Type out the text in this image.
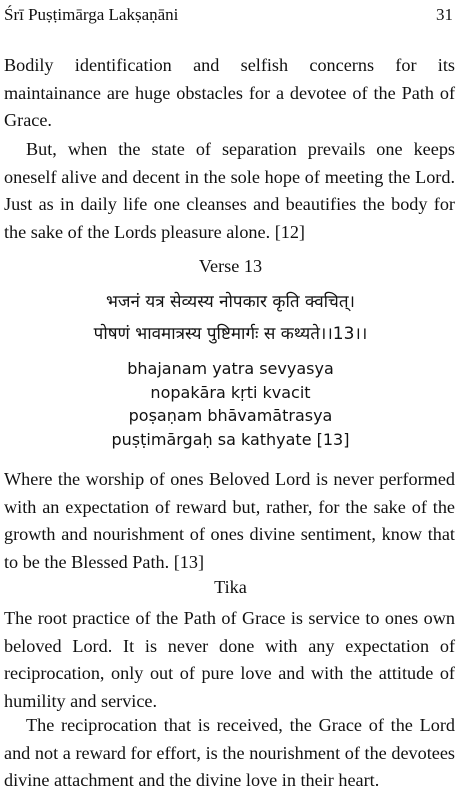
Śrī Puṣṭimārga Lakṣaṇāni	31

Bodily identification and selfish concerns for its maintainance are huge obstacles for a devotee of the Path of Grace.

But, when the state of separation prevails one keeps oneself alive and decent in the sole hope of meeting the Lord. Just as in daily life one cleanses and beautifies the body for the sake of the Lords pleasure alone. [12]

Verse 13

भजनं यत्र सेव्यस्य नोपकार कृति क्वचित्।
पोषणं भावमात्रस्य पुष्टिमार्गः स कथ्यते।।13।।
bhajanam yatra sevyasya
nopakāra kṛti kvacit
poṣaṇam bhāvamātrasya
puṣṭimārgaḥ sa kathyate [13]

Where the worship of ones Beloved Lord is never performed with an expectation of reward but, rather, for the sake of the growth and nourishment of ones divine sentiment, know that to be the Blessed Path. [13]

Tika

The root practice of the Path of Grace is service to ones own beloved Lord. It is never done with any expectation of reciprocation, only out of pure love and with the attitude of humility and service.

The reciprocation that is received, the Grace of the Lord and not a reward for effort, is the nourishment of the devotees divine attachment and the divine love in their heart.
